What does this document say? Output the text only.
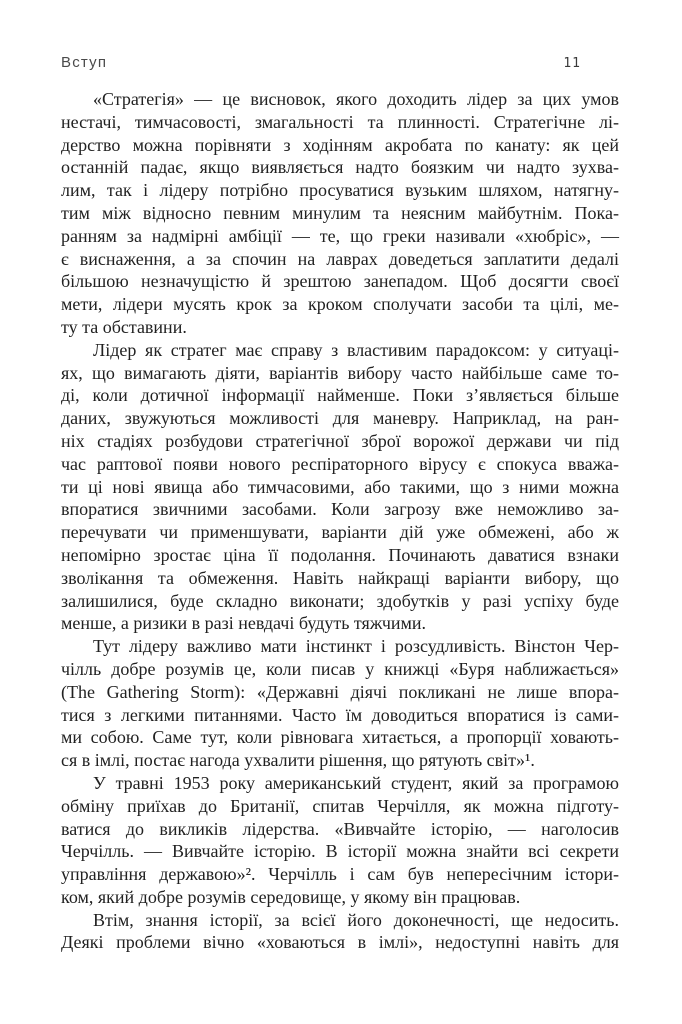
Вступ	11
«Стратегія» — це висновок, якого доходить лідер за цих умов
нестачі, тимчасовості, змагальності та плинності. Стратегічне лі-
дерство можна порівняти з ходінням акробата по канату: як цей
останній падає, якщо виявляється надто боязким чи надто зухва-
лим, так і лідеру потрібно просуватися вузьким шляхом, натягну-
тим між відносно певним минулим та неясним майбутнім. Пока-
ранням за надмірні амбіції — те, що греки називали «хюбріс», —
є виснаження, а за спочин на лаврах доведеться заплатити дедалі
більшою незначущістю й зрештою занепадом. Щоб досягти своєї
мети, лідери мусять крок за кроком сполучати засоби та цілі, ме-
ту та обставини.
Лідер як стратег має справу з властивим парадоксом: у ситуаці-
ях, що вимагають діяти, варіантів вибору часто найбільше саме то-
ді, коли дотичної інформації найменше. Поки з’являється більше
даних, звужуються можливості для маневру. Наприклад, на ран-
ніх стадіях розбудови стратегічної зброї ворожої держави чи під
час раптової появи нового респіраторного вірусу є спокуса вважа-
ти ці нові явища або тимчасовими, або такими, що з ними можна
впоратися звичними засобами. Коли загрозу вже неможливо за-
перечувати чи применшувати, варіанти дій уже обмежені, або ж
непомірно зростає ціна її подолання. Починають даватися взнаки
зволікання та обмеження. Навіть найкращі варіанти вибору, що
залишилися, буде складно виконати; здобутків у разі успіху буде
менше, а ризики в разі невдачі будуть тяжчими.
Тут лідеру важливо мати інстинкт і розсудливість. Вінстон Чер-
чілль добре розумів це, коли писав у книжці «Буря наближається»
(The Gathering Storm): «Державні діячі покликані не лише впора-
тися з легкими питаннями. Часто їм доводиться впоратися із сами-
ми собою. Саме тут, коли рівновага хитається, а пропорції ховають-
ся в імлі, постає нагода ухвалити рішення, що рятують світ»¹.
У травні 1953 року американський студент, який за програмою
обміну приїхав до Британії, спитав Черчілля, як можна підготу-
ватися до викликів лідерства. «Вивчайте історію, — наголосив
Черчілль. — Вивчайте історію. В історії можна знайти всі секрети
управління державою»². Черчілль і сам був непересічним істори-
ком, який добре розумів середовище, у якому він працював.
Втім, знання історії, за всієї його доконечності, ще недосить.
Деякі проблеми вічно «ховаються в імлі», недоступні навіть для
